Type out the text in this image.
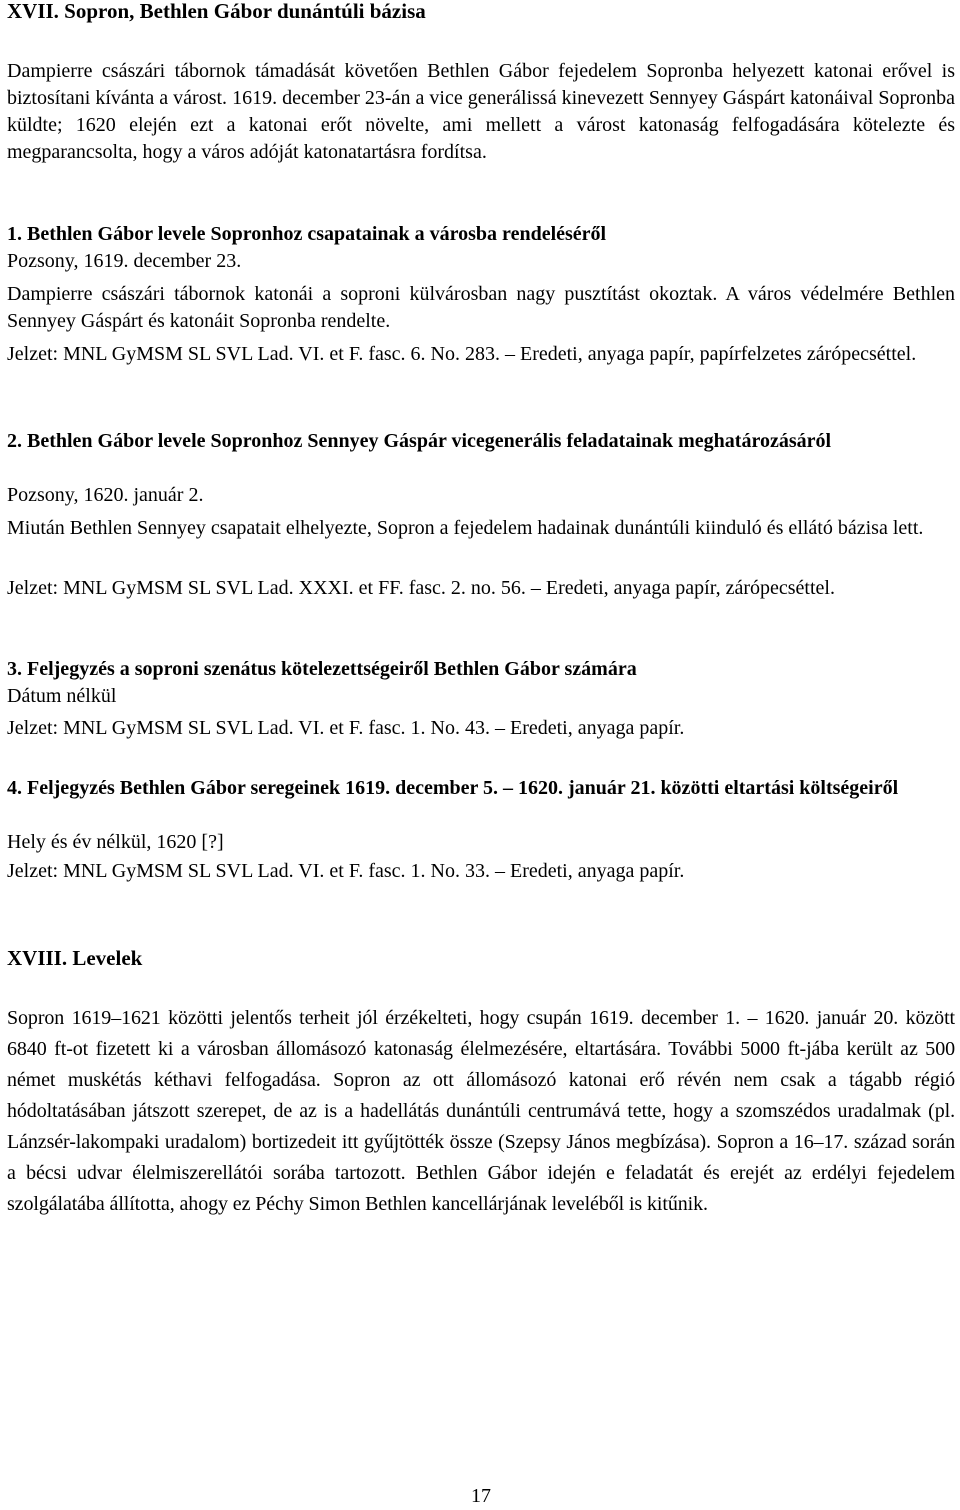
XVII. Sopron, Bethlen Gábor dunántúli bázisa
Dampierre császári tábornok támadását követően Bethlen Gábor fejedelem Sopronba helyezett katonai erővel is biztosítani kívánta a várost. 1619. december 23-án a vice generálissá kinevezett Sennyey Gáspárt katonáival Sopronba küldte; 1620 elején ezt a katonai erőt növelte, ami mellett a várost katonaság felfogadására kötelezte és megparancsolta, hogy a város adóját katonatartásra fordítsa.
1. Bethlen Gábor levele Sopronhoz csapatainak a városba rendeléséről
Pozsony, 1619. december 23.
Dampierre császári tábornok katonái a soproni külvárosban nagy pusztítást okoztak. A város védelmére Bethlen Sennyey Gáspárt és katonáit Sopronba rendelte.
Jelzet: MNL GyMSM SL SVL Lad. VI. et F. fasc. 6. No. 283. – Eredeti, anyaga papír, papírfelzetes zárópecséttel.
2. Bethlen Gábor levele Sopronhoz Sennyey Gáspár vicegenerális feladatainak meghatározásáról
Pozsony, 1620. január 2.
Miután Bethlen Sennyey csapatait elhelyezte, Sopron a fejedelem hadainak dunántúli kiinduló és ellátó bázisa lett.
Jelzet: MNL GyMSM SL SVL Lad. XXXI. et FF. fasc. 2. no. 56. – Eredeti, anyaga papír, zárópecséttel.
3. Feljegyzés a soproni szenátus kötelezettségeiről Bethlen Gábor számára
Dátum nélkül
Jelzet: MNL GyMSM SL SVL Lad. VI. et F. fasc. 1. No. 43. – Eredeti, anyaga papír.
4. Feljegyzés Bethlen Gábor seregeinek 1619. december 5. – 1620. január 21. közötti eltartási költségeiről
Hely és év nélkül, 1620 [?]
Jelzet: MNL GyMSM SL SVL Lad. VI. et F. fasc. 1. No. 33. – Eredeti, anyaga papír.
XVIII. Levelek
Sopron 1619–1621 közötti jelentős terheit jól érzékelteti, hogy csupán 1619. december 1. – 1620. január 20. között 6840 ft-ot fizetett ki a városban állomásozó katonaság élelmezésére, eltartására. További 5000 ft-jába került az 500 német muskétás kéthavi felfogadása. Sopron az ott állomásozó katonai erő révén nem csak a tágabb régió hódoltatásában játszott szerepet, de az is a hadellátás dunántúli centrumává tette, hogy a szomszédos uradalmak (pl. Lánzsér-lakompaki uradalom) bortizedeit itt gyűjtötték össze (Szepsy János megbízása). Sopron a 16–17. század során a bécsi udvar élelmiszerellátói sorába tartozott. Bethlen Gábor idején e feladatát és erejét az erdélyi fejedelem szolgálatába állította, ahogy ez Péchy Simon Bethlen kancellárjának leveléből is kitűnik.
17
